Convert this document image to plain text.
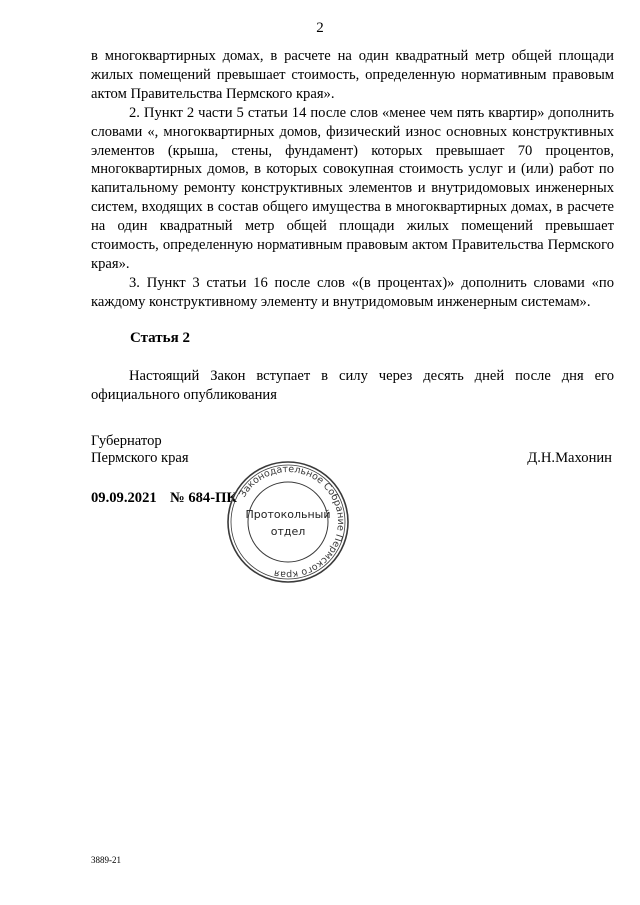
2

в многоквартирных домах, в расчете на один квадратный метр общей площади жилых помещений превышает стоимость, определенную нормативным правовым актом Правительства Пермского края».

2. Пункт 2 части 5 статьи 14 после слов «менее чем пять квартир» дополнить словами «, многоквартирных домов, физический износ основных конструктивных элементов (крыша, стены, фундамент) которых превышает 70 процентов, многоквартирных домов, в которых совокупная стоимость услуг и (или) работ по капитальному ремонту конструктивных элементов и внутридомовых инженерных систем, входящих в состав общего имущества в многоквартирных домах, в расчете на один квадратный метр общей площади жилых помещений превышает стоимость, определенную нормативным правовым актом Правительства Пермского края».

3. Пункт 3 статьи 16 после слов «(в процентах)» дополнить словами «по каждому конструктивному элементу и внутридомовым инженерным системам».

Статья 2

Настоящий Закон вступает в силу через десять дней после дня его официального опубликования

Губернатор
Пермского края	Д.Н.Махонин
09.09.2021 № 684-ПК Законодательное Собрание Пермского края
Протокольный
отдел
3889-21
